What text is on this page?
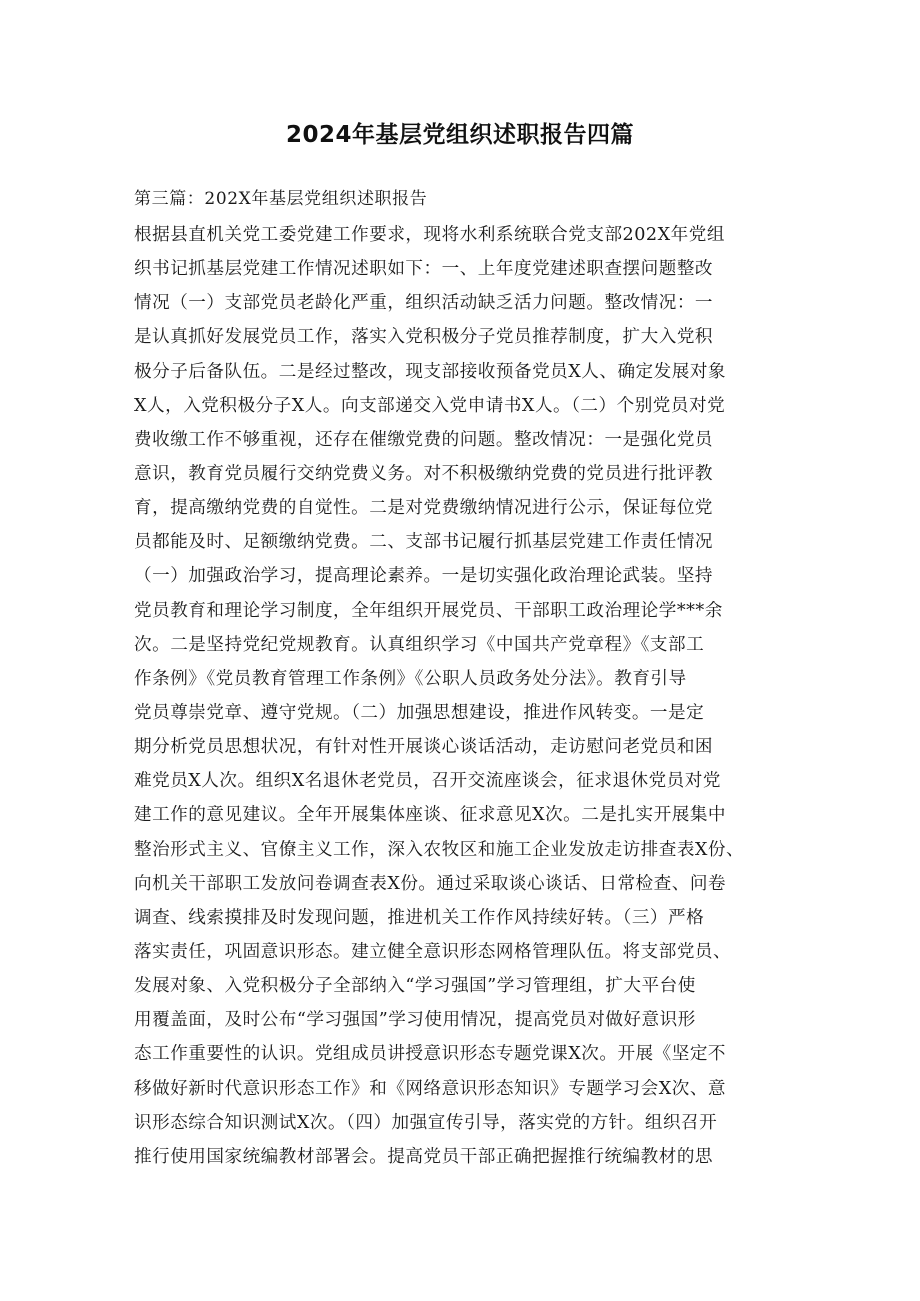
2024年基层党组织述职报告四篇
第三篇：202X年基层党组织述职报告
根据县直机关党工委党建工作要求，现将水利系统联合党支部202X年党组
织书记抓基层党建工作情况述职如下：一、上年度党建述职查摆问题整改
情况（一）支部党员老龄化严重，组织活动缺乏活力问题。整改情况：一
是认真抓好发展党员工作，落实入党积极分子党员推荐制度，扩大入党积
极分子后备队伍。二是经过整改，现支部接收预备党员X人、确定发展对象
X人，入党积极分子X人。向支部递交入党申请书X人。（二）个别党员对党
费收缴工作不够重视，还存在催缴党费的问题。整改情况：一是强化党员
意识，教育党员履行交纳党费义务。对不积极缴纳党费的党员进行批评教
育，提高缴纳党费的自觉性。二是对党费缴纳情况进行公示，保证每位党
员都能及时、足额缴纳党费。二、支部书记履行抓基层党建工作责任情况
（一）加强政治学习，提高理论素养。一是切实强化政治理论武装。坚持
党员教育和理论学习制度，全年组织开展党员、干部职工政治理论学***余
次。二是坚持党纪党规教育。认真组织学习《中国共产党章程》《支部工
作条例》《党员教育管理工作条例》《公职人员政务处分法》。教育引导
党员尊崇党章、遵守党规。（二）加强思想建设，推进作风转变。一是定
期分析党员思想状况，有针对性开展谈心谈话活动，走访慰问老党员和困
难党员X人次。组织X名退休老党员，召开交流座谈会，征求退休党员对党
建工作的意见建议。全年开展集体座谈、征求意见X次。二是扎实开展集中
整治形式主义、官僚主义工作，深入农牧区和施工企业发放走访排查表X份、
向机关干部职工发放问卷调查表X份。通过采取谈心谈话、日常检查、问卷
调查、线索摸排及时发现问题，推进机关工作作风持续好转。（三）严格
落实责任，巩固意识形态。建立健全意识形态网格管理队伍。将支部党员、
发展对象、入党积极分子全部纳入“学习强国”学习管理组，扩大平台使
用覆盖面，及时公布“学习强国”学习使用情况，提高党员对做好意识形
态工作重要性的认识。党组成员讲授意识形态专题党课X次。开展《坚定不
移做好新时代意识形态工作》和《网络意识形态知识》专题学习会X次、意
识形态综合知识测试X次。（四）加强宣传引导，落实党的方针。组织召开
推行使用国家统编教材部署会。提高党员干部正确把握推行统编教材的思
